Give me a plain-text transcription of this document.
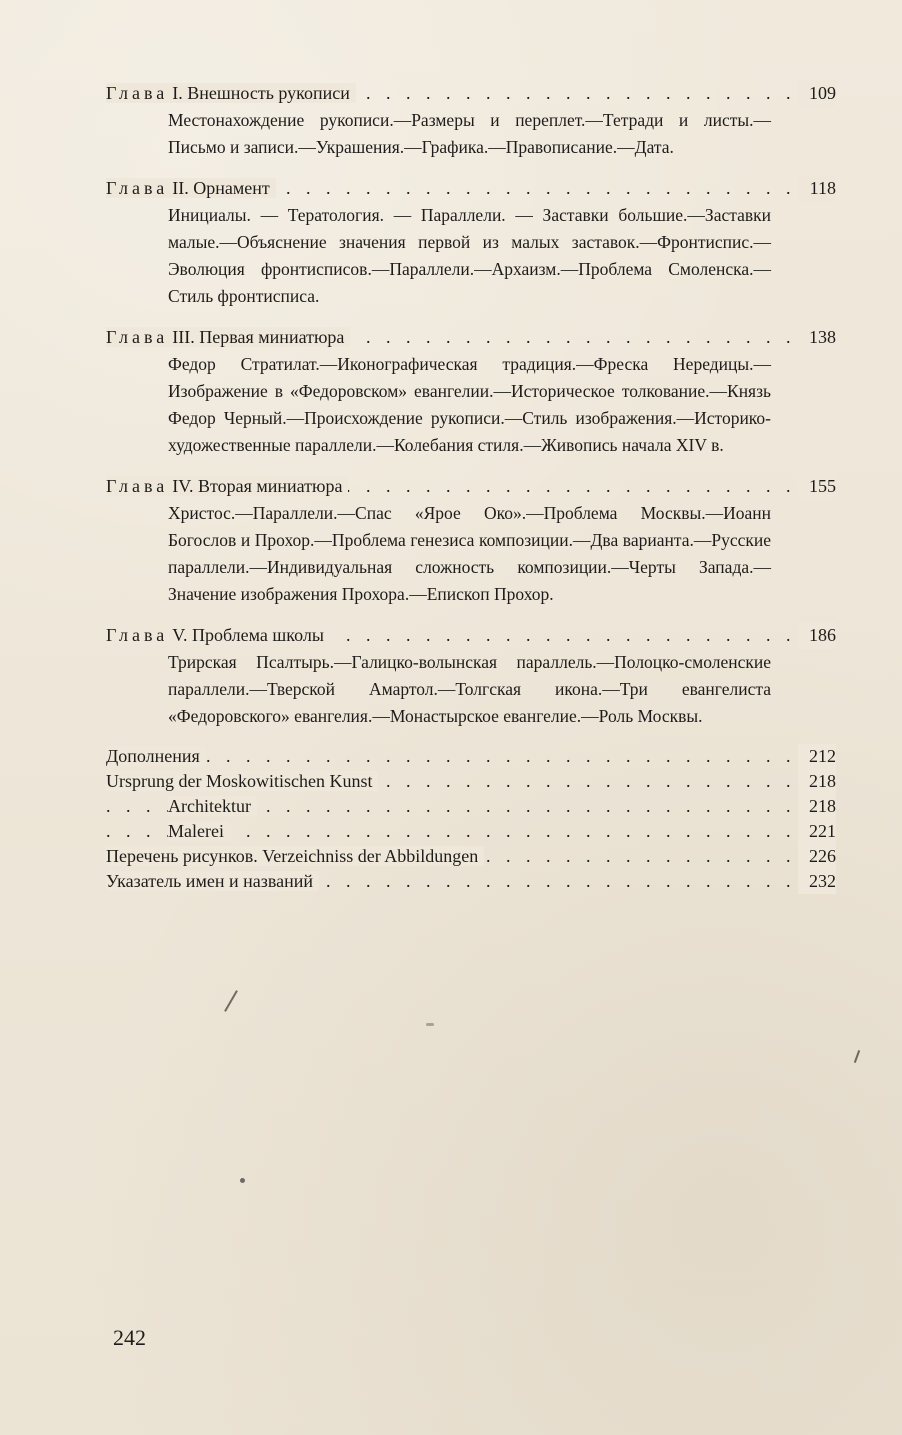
. . .
Глава I. Внешность рукописи	109
Местонахождение рукописи.—Размеры и переплет.—Тетради и листы.—Письмо и записи.—Украшения.—Графика.—Правописание.—Дата.
. . .
Глава II. Орнамент	118
Инициалы. — Тератология. — Параллели. — Заставки большие.—Заставки малые.—Объяснение значения первой из малых заставок.—Фронтиспис.—Эволюция фронтисписов.—Параллели.—Архаизм.—Проблема Смоленска.—Стиль фронтисписа.
. . .
Глава III. Первая миниатюра	138
Федор Стратилат.—Иконографическая традиция.—Фреска Нередицы.—Изображение в «Федоровском» евангелии.—Историческое толкование.—Князь Федор Черный.—Происхождение рукописи.—Стиль изображения.—Историко-художественные параллели.—Колебания стиля.—Живопись начала XIV в.
. . .
Глава IV. Вторая миниатюра	155
Христос.—Параллели.—Спас «Ярое Око».—Проблема Москвы.—Иоанн Богослов и Прохор.—Проблема генезиса композиции.—Два варианта.—Русские параллели.—Индивидуальная сложность композиции.—Черты Запада.—Значение изображения Прохора.—Епископ Прохор.
. . .
Глава V. Проблема школы	186
Трирская Псалтырь.—Галицко-волынская параллель.—Полоцко-смоленские параллели.—Тверской Амартол.—Толгская икона.—Три евангелиста «Федоровского» евангелия.—Монастырское евангелие.—Роль Москвы.
. . .
Дополнения	212
. . .
Ursprung der Moskowitischen Kunst	218
. . .
Architektur	218
. . .
Malerei	221
. . .
Перечень рисунков. Verzeichniss der Abbildungen	226
. . .
Указатель имен и названий	232
242
